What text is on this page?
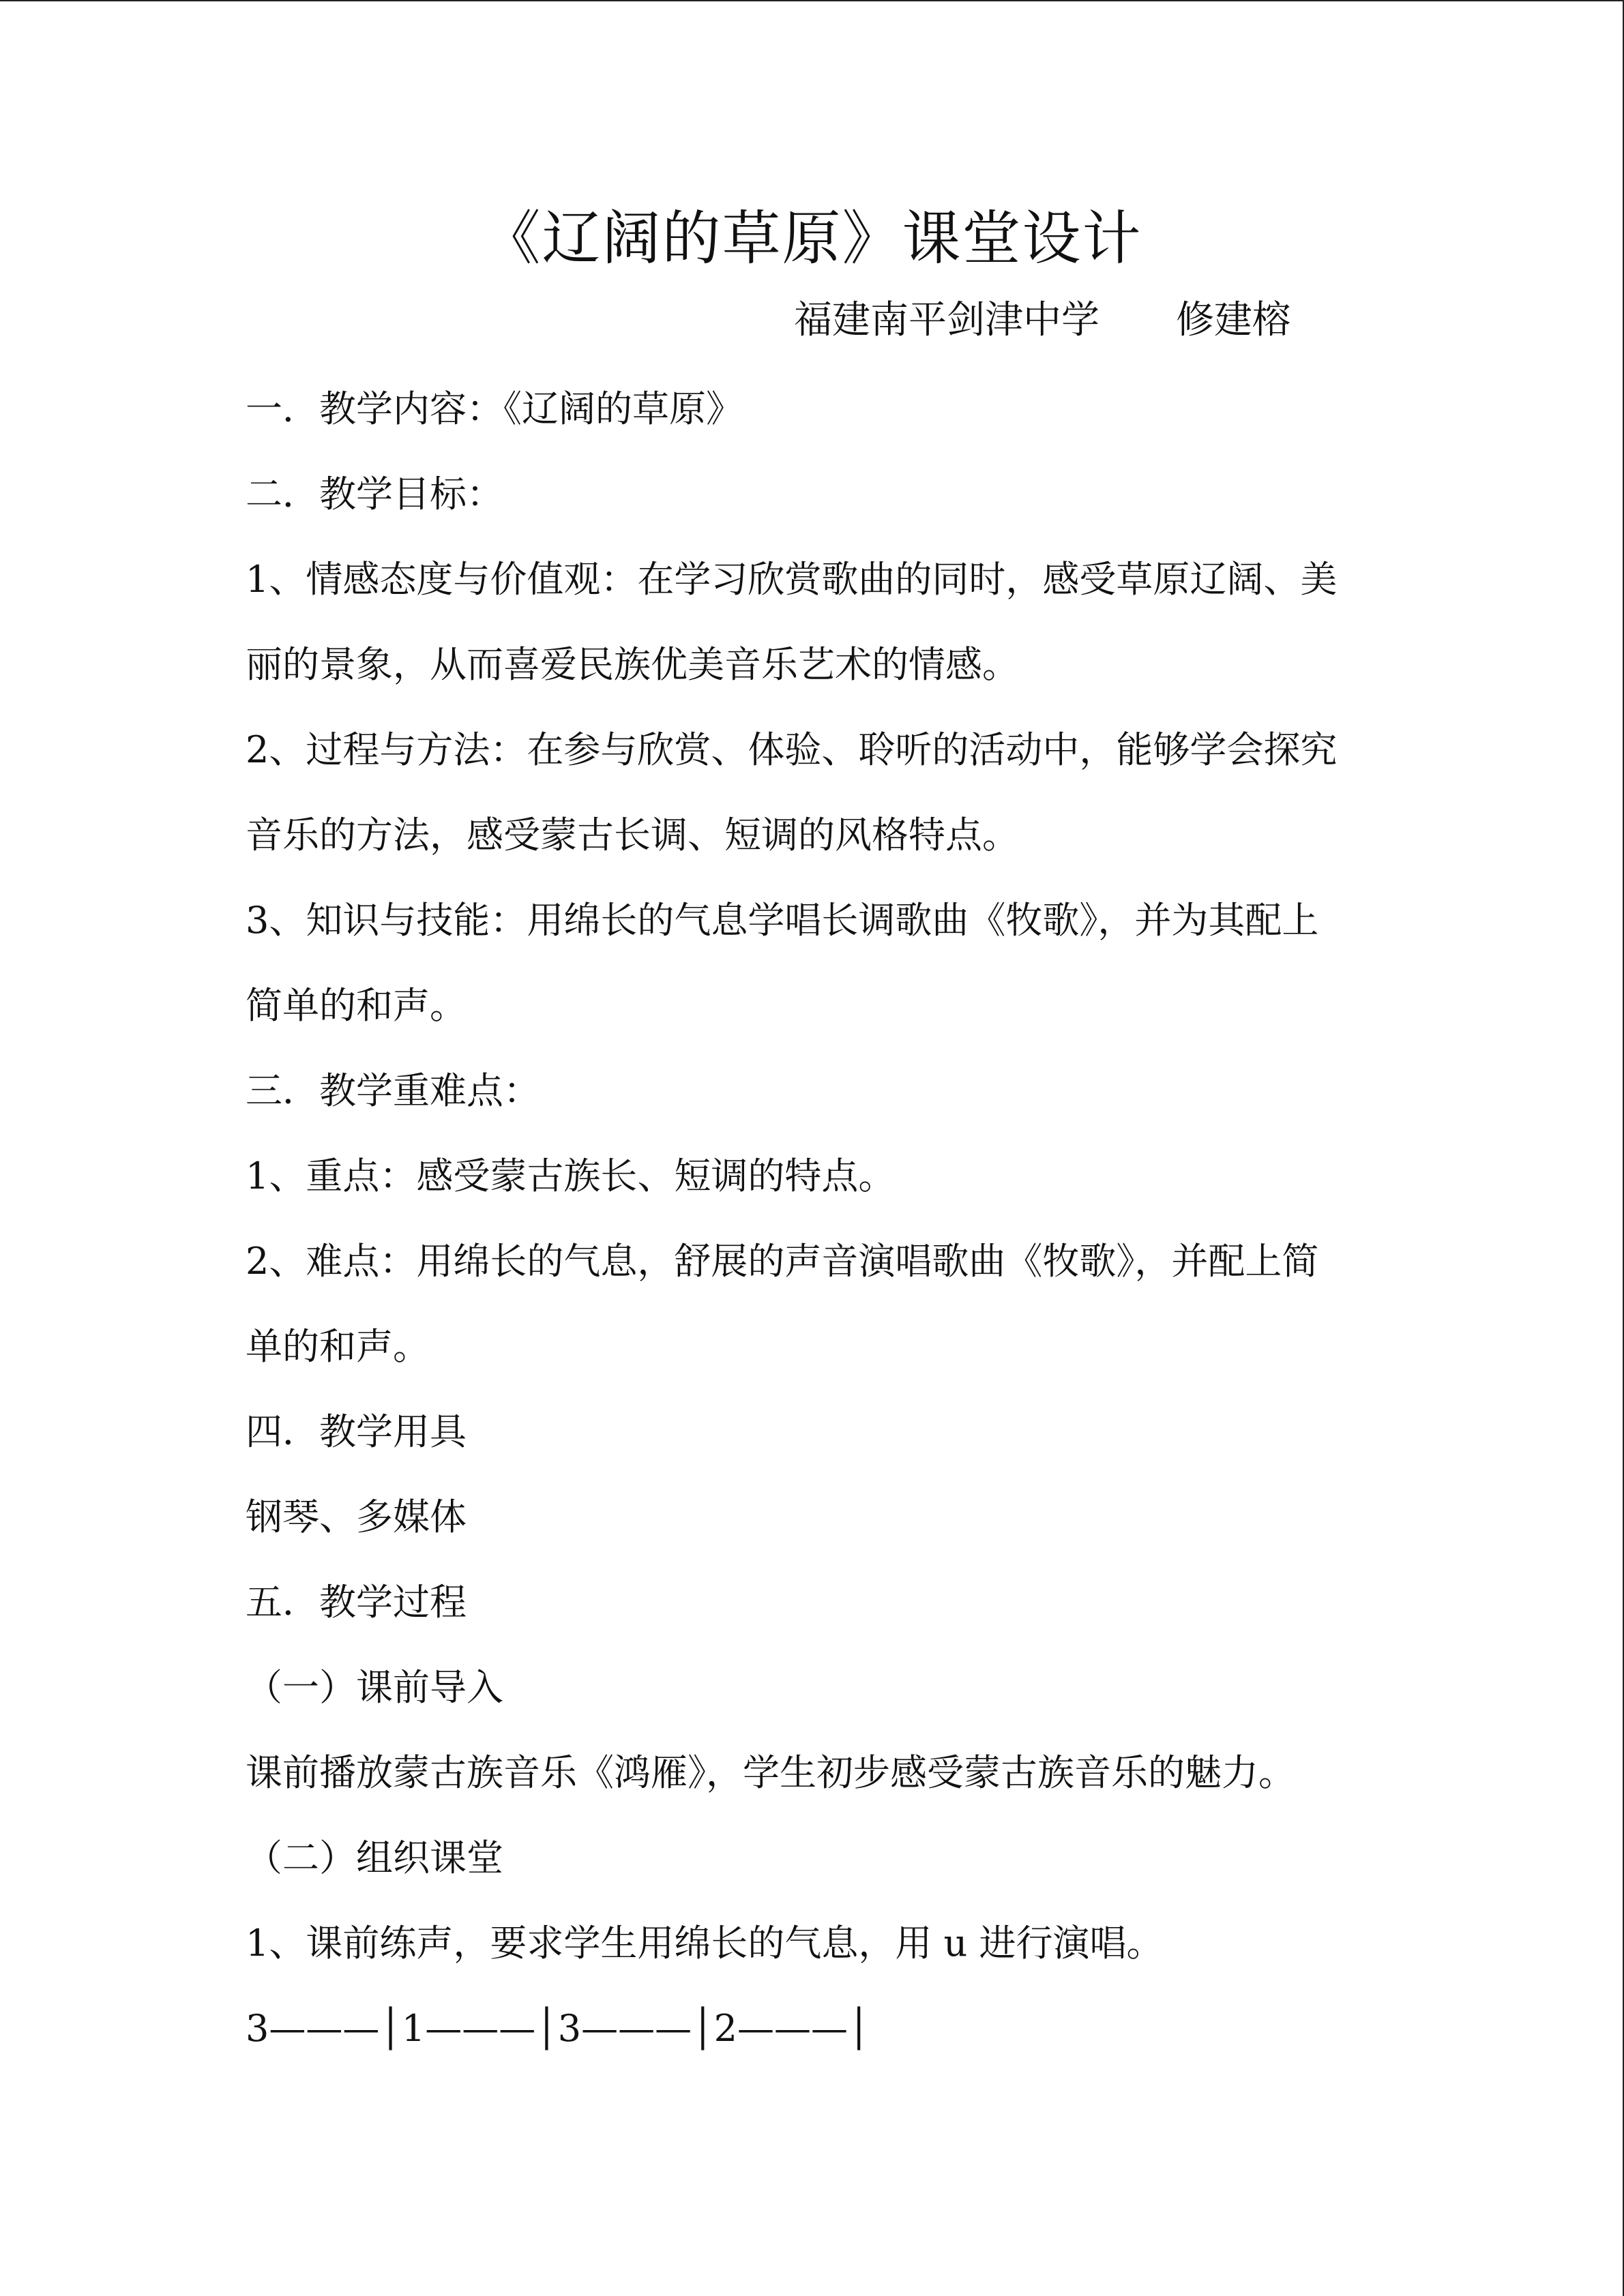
《辽阔的草原》课堂设计
福建南平剑津中学 修建榕
一．教学内容：《辽阔的草原》
二．教学目标：
1、情感态度与价值观：在学习欣赏歌曲的同时，感受草原辽阔、美
丽的景象，从而喜爱民族优美音乐艺术的情感。
2、过程与方法：在参与欣赏、体验、聆听的活动中，能够学会探究
音乐的方法，感受蒙古长调、短调的风格特点。
3、知识与技能：用绵长的气息学唱长调歌曲《牧歌》，并为其配上
简单的和声。
三．教学重难点：
1、重点：感受蒙古族长、短调的特点。
2、难点：用绵长的气息，舒展的声音演唱歌曲《牧歌》，并配上简
单的和声。
四．教学用具
钢琴、多媒体
五．教学过程
（一）课前导入
课前播放蒙古族音乐《鸿雁》，学生初步感受蒙古族音乐的魅力。
（二）组织课堂
1、课前练声，要求学生用绵长的气息，用 u 进行演唱。
3———│1———│3———│2———│
